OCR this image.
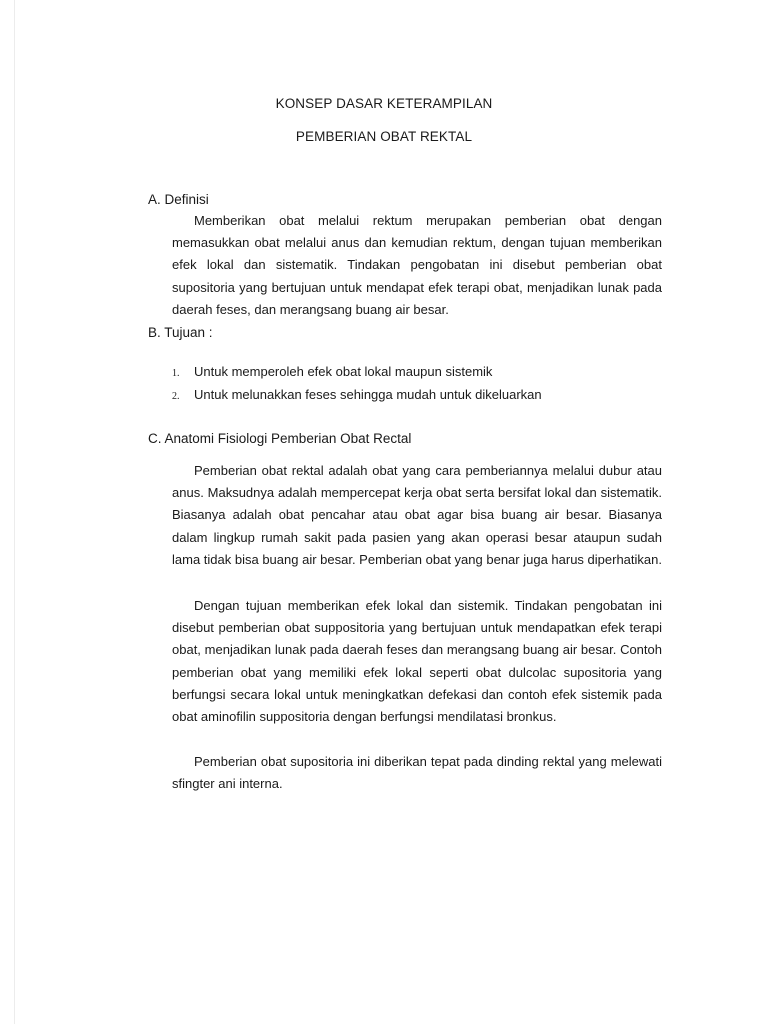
KONSEP DASAR KETERAMPILAN
PEMBERIAN OBAT REKTAL
A. Definisi

Memberikan obat melalui rektum merupakan pemberian obat dengan memasukkan obat melalui anus dan kemudian rektum, dengan tujuan memberikan efek lokal dan sistematik. Tindakan pengobatan ini disebut pemberian obat supositoria yang bertujuan untuk mendapat efek terapi obat, menjadikan lunak pada daerah feses, dan merangsang buang air besar.

B. Tujuan :
1. Untuk memperoleh efek obat lokal maupun sistemik
2. Untuk melunakkan feses sehingga mudah untuk dikeluarkan
C. Anatomi Fisiologi Pemberian Obat Rectal

Pemberian obat rektal adalah obat yang cara pemberiannya melalui dubur atau anus. Maksudnya adalah mempercepat kerja obat serta bersifat lokal dan sistematik. Biasanya adalah obat pencahar atau obat agar bisa buang air besar. Biasanya dalam lingkup rumah sakit pada pasien yang akan operasi besar ataupun sudah lama tidak bisa buang air besar. Pemberian obat yang benar juga harus diperhatikan.

Dengan tujuan memberikan efek lokal dan sistemik. Tindakan pengobatan ini disebut pemberian obat suppositoria yang bertujuan untuk mendapatkan efek terapi obat, menjadikan lunak pada daerah feses dan merangsang buang air besar. Contoh pemberian obat yang memiliki efek lokal seperti obat dulcolac supositoria yang berfungsi secara lokal untuk meningkatkan defekasi dan contoh efek sistemik pada obat aminofilin suppositoria dengan berfungsi mendilatasi bronkus.

Pemberian obat supositoria ini diberikan tepat pada dinding rektal yang melewati sfingter ani interna.
